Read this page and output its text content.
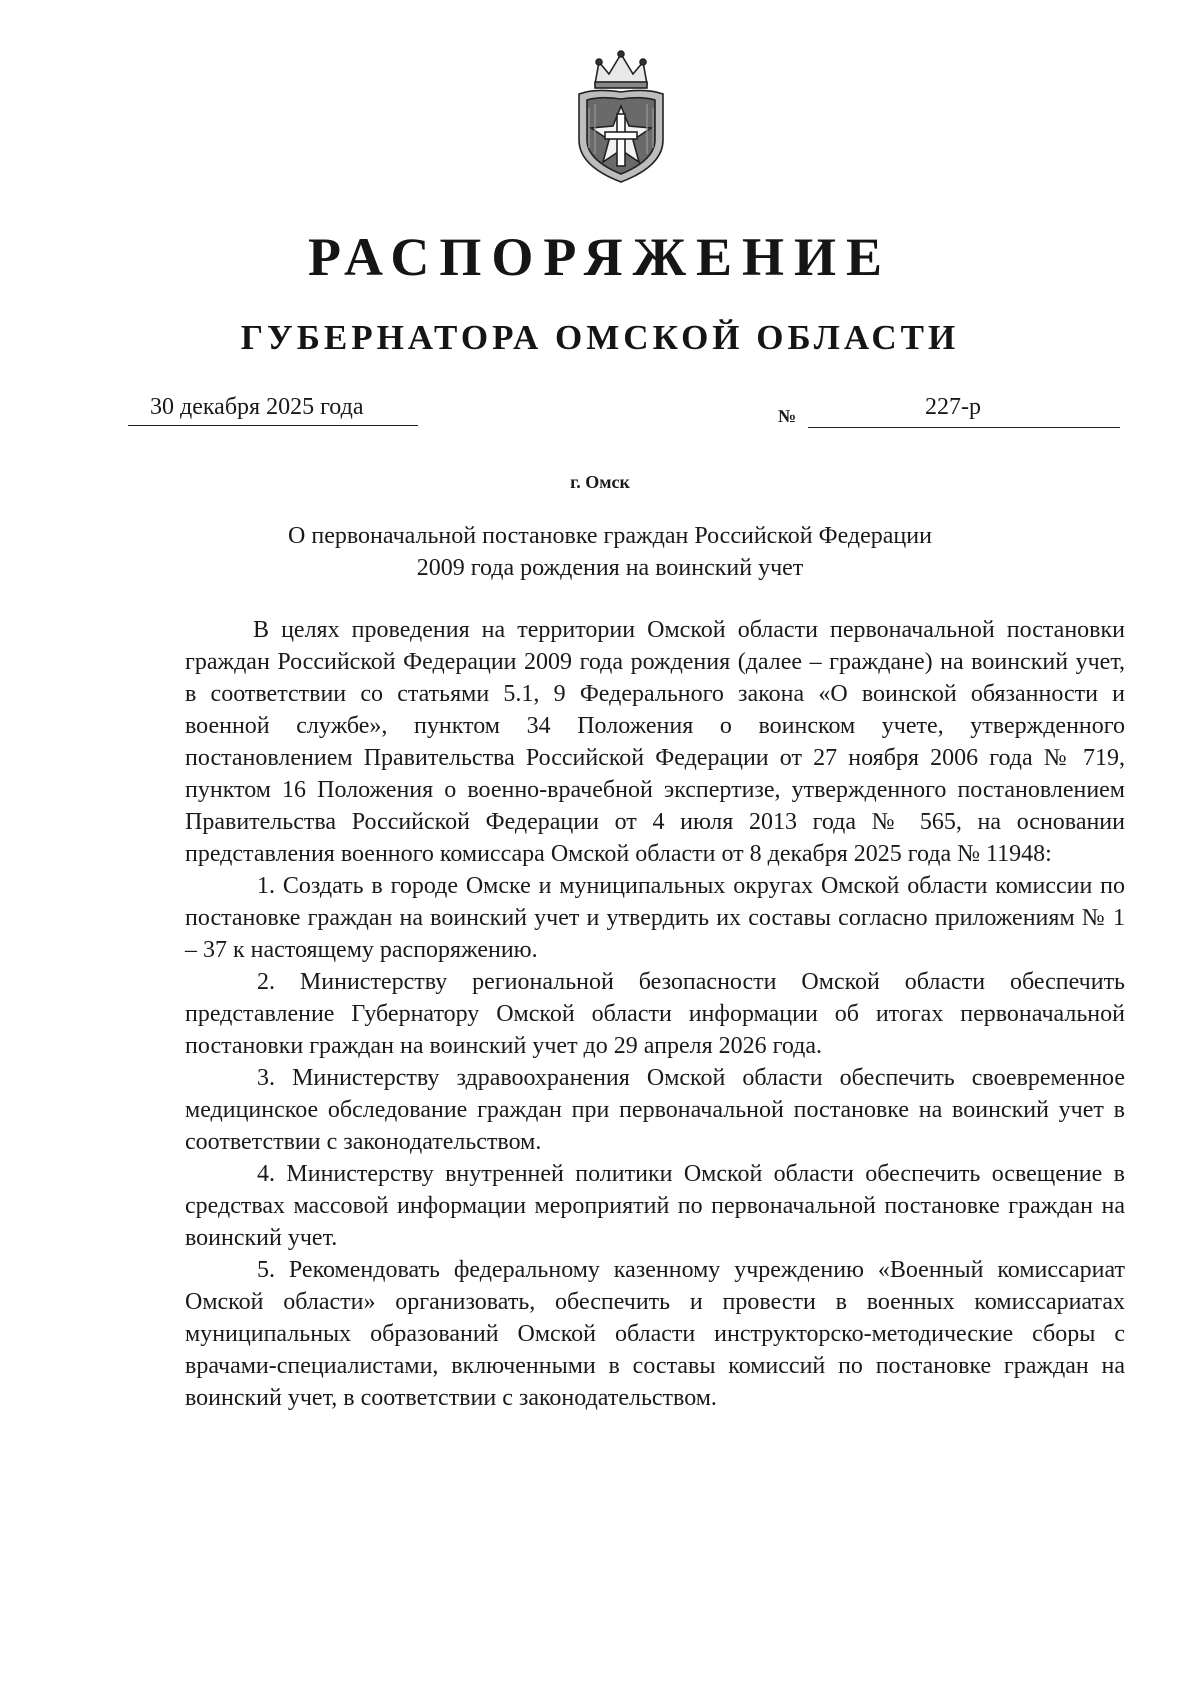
РАСПОРЯЖЕНИЕ
ГУБЕРНАТОРА ОМСКОЙ ОБЛАСТИ
30 декабря 2025 года	№	227-р
г. Омск
О первоначальной постановке граждан Российской Федерации
2009 года рождения на воинский учет

В целях проведения на территории Омской области первоначальной постановки граждан Российской Федерации 2009 года рождения (далее – граждане) на воинский учет, в соответствии со статьями 5.1, 9 Федерального закона «О воинской обязанности и военной службе», пунктом 34 Положения о воинском учете, утвержденного постановлением Правительства Российской Федерации от 27 ноября 2006 года № 719, пунктом 16 Положения о военно-врачебной экспертизе, утвержденного постановлением Правительства Российской Федерации от 4 июля 2013 года № 565, на основании представления военного комиссара Омской области от 8 декабря 2025 года № 11948:

1. Создать в городе Омске и муниципальных округах Омской области комиссии по постановке граждан на воинский учет и утвердить их составы согласно приложениям № 1 – 37 к настоящему распоряжению.

2. Министерству региональной безопасности Омской области обеспечить представление Губернатору Омской области информации об итогах первоначальной постановки граждан на воинский учет до 29 апреля 2026 года.

3. Министерству здравоохранения Омской области обеспечить своевременное медицинское обследование граждан при первоначальной постановке на воинский учет в соответствии с законодательством.

4. Министерству внутренней политики Омской области обеспечить освещение в средствах массовой информации мероприятий по первоначальной постановке граждан на воинский учет.

5. Рекомендовать федеральному казенному учреждению «Военный комиссариат Омской области» организовать, обеспечить и провести в военных комиссариатах муниципальных образований Омской области инструкторско-методические сборы с врачами-специалистами, включенными в составы комиссий по постановке граждан на воинский учет, в соответствии с законодательством.
